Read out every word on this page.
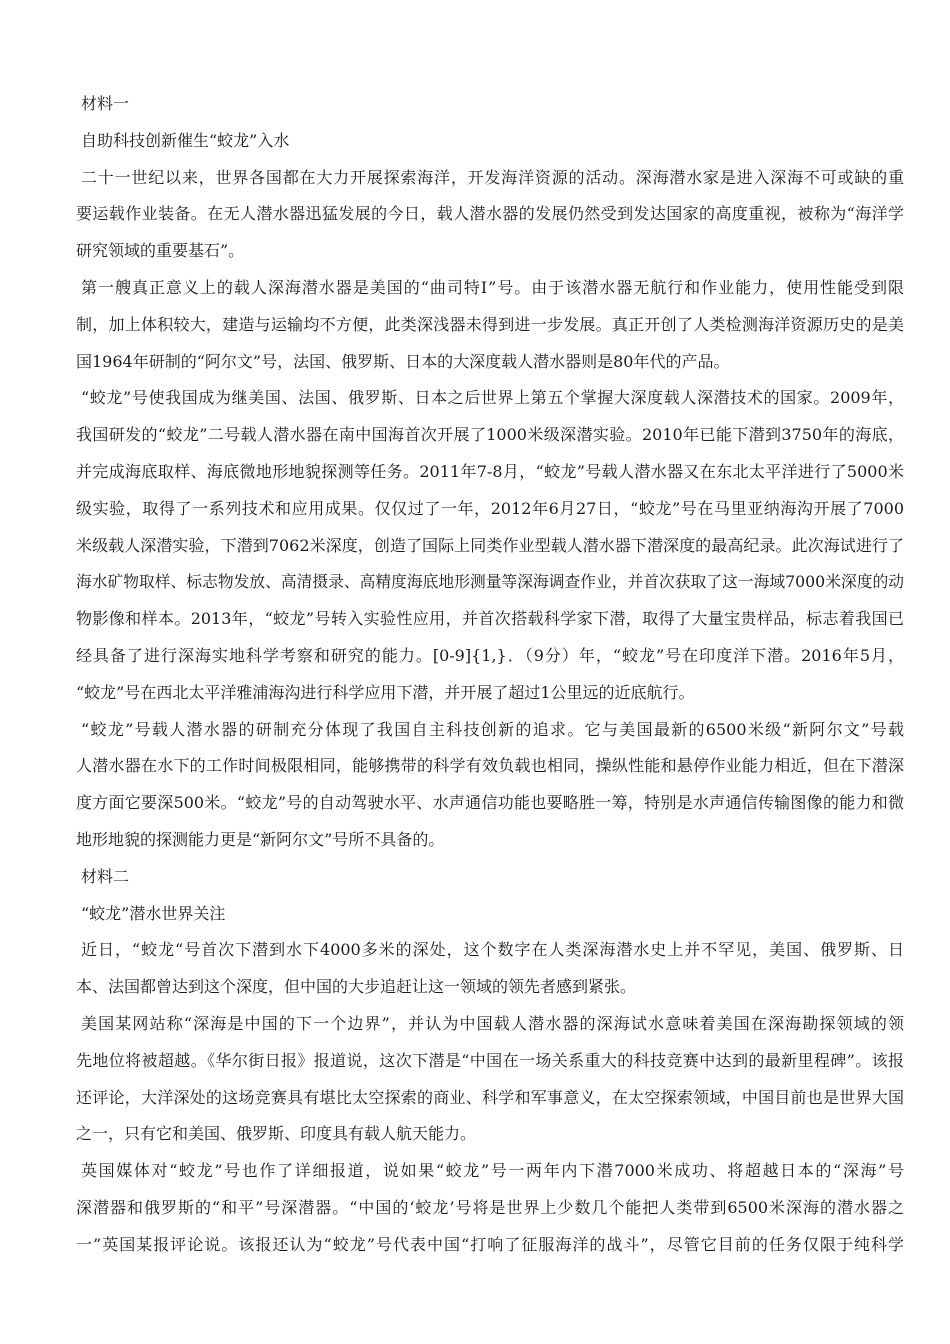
材料一
自助科技创新催生“蛟龙”入水
二十一世纪以来，世界各国都在大力开展探索海洋，开发海洋资源的活动。深海潜水家是进入深海不可或缺的重
要运载作业装备。在无人潜水器迅猛发展的今日，载人潜水器的发展仍然受到发达国家的高度重视，被称为“海洋学
研究领域的重要基石”。
第一艘真正意义上的载人深海潜水器是美国的“曲司特Ⅰ”号。由于该潜水器无航行和作业能力，使用性能受到限
制，加上体积较大，建造与运输均不方便，此类深浅器未得到进一步发展。真正开创了人类检测海洋资源历史的是美
国1964年研制的“阿尔文”号，法国、俄罗斯、日本的大深度载人潜水器则是80年代的产品。
“蛟龙”号使我国成为继美国、法国、俄罗斯、日本之后世界上第五个掌握大深度载人深潜技术的国家。2009年，
我国研发的“蛟龙”二号载人潜水器在南中国海首次开展了1000米级深潜实验。2010年已能下潜到3750年的海底，
并完成海底取样、海底微地形地貌探测等任务。2011年7-8月，“蛟龙”号载人潜水器又在东北太平洋进行了5000米
级实验，取得了一系列技术和应用成果。仅仅过了一年，2012年6月27日，“蛟龙”号在马里亚纳海沟开展了7000
米级载人深潜实验，下潜到7062米深度，创造了国际上同类作业型载人潜水器下潜深度的最高纪录。此次海试进行了
海水矿物取样、标志物发放、高清摄录、高精度海底地形测量等深海调查作业，并首次获取了这一海域7000米深度的动
物影像和样本。2013年，“蛟龙”号转入实验性应用，并首次搭载科学家下潜，取得了大量宝贵样品，标志着我国已
经具备了进行深海实地科学考察和研究的能力。[0-9]{1,}．（9分）年，“蛟龙”号在印度洋下潜。2016年5月，
“蛟龙”号在西北太平洋雅浦海沟进行科学应用下潜，并开展了超过1公里远的近底航行。
“蛟龙”号载人潜水器的研制充分体现了我国自主科技创新的追求。它与美国最新的6500米级“新阿尔文”号载
人潜水器在水下的工作时间极限相同，能够携带的科学有效负载也相同，操纵性能和悬停作业能力相近，但在下潜深
度方面它要深500米。“蛟龙”号的自动驾驶水平、水声通信功能也要略胜一筹，特别是水声通信传输图像的能力和微
地形地貌的探测能力更是“新阿尔文”号所不具备的。
材料二
“蛟龙”潜水世界关注
近日，“蛟龙“号首次下潜到水下4000多米的深处，这个数字在人类深海潜水史上并不罕见，美国、俄罗斯、日
本、法国都曾达到这个深度，但中国的大步追赶让这一领域的领先者感到紧张。
美国某网站称“深海是中国的下一个边界”，并认为中国载人潜水器的深海试水意味着美国在深海勘探领域的领
先地位将被超越。《华尔街日报》报道说，这次下潜是“中国在一场关系重大的科技竞赛中达到的最新里程碑”。该报
还评论，大洋深处的这场竞赛具有堪比太空探索的商业、科学和军事意义，在太空探索领域，中国目前也是世界大国
之一，只有它和美国、俄罗斯、印度具有载人航天能力。
英国媒体对“蛟龙”号也作了详细报道，说如果“蛟龙”号一两年内下潜7000米成功、将超越日本的“深海”号
深潜器和俄罗斯的“和平”号深潜器。“中国的‘蛟龙’号将是世界上少数几个能把人类带到6500米深海的潜水器之
一”英国某报评论说。该报还认为“蛟龙”号代表中国“打响了征服海洋的战斗”，尽管它目前的任务仅限于纯科学
